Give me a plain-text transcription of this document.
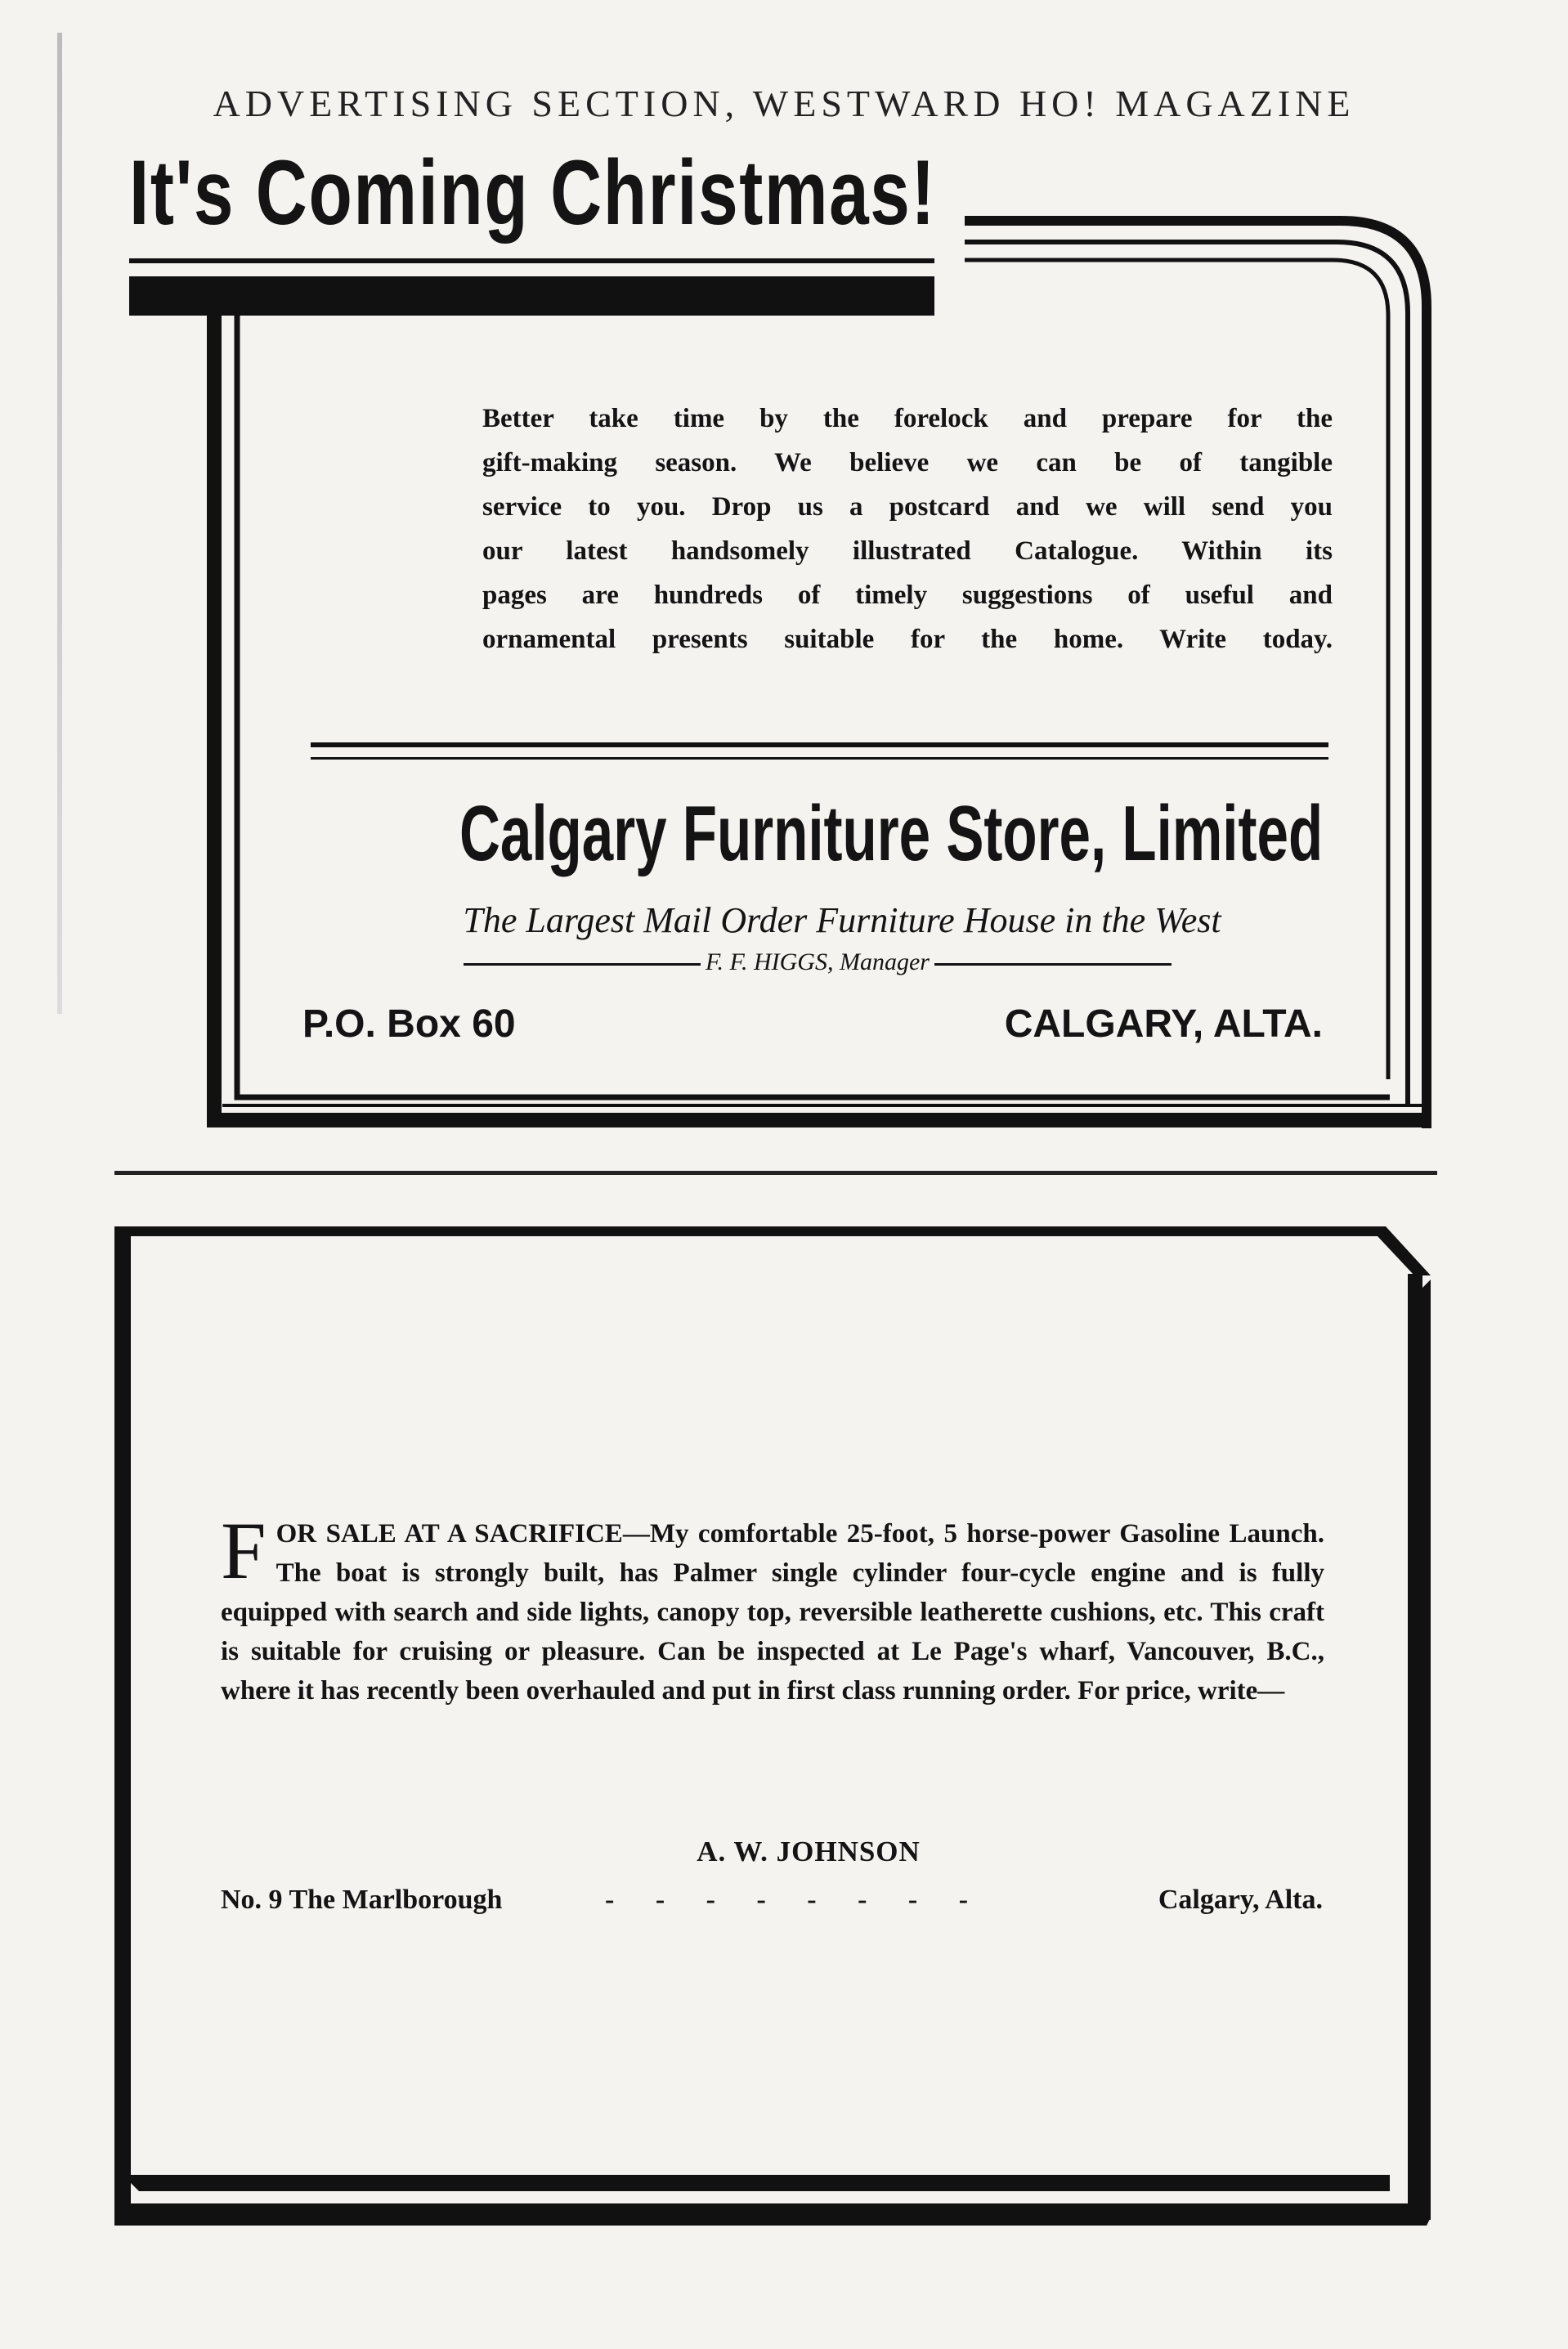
ADVERTISING SECTION, WESTWARD HO! MAGAZINE
It's Coming Christmas!
Better take time by the forelock and prepare for the
gift-making season. We believe we can be of tangible
service to you. Drop us a postcard and we will send you
our latest handsomely illustrated Catalogue. Within its
pages are hundreds of timely suggestions of useful and
ornamental presents suitable for the home. Write today.
Calgary Furniture Store, Limited
The Largest Mail Order Furniture House in the West
F. F. HIGGS, Manager
P.O. Box 60	CALGARY, ALTA.
FOR SALE AT A SACRIFICE—My comfortable 25-foot, 5 horse-power Gasoline Launch. The boat is strongly built, has Palmer single cylinder four-cycle engine and is fully equipped with search and side lights, canopy top, reversible leatherette cushions, etc. This craft is suitable for cruising or pleasure. Can be inspected at Le Page's wharf, Vancouver, B.C., where it has recently been overhauled and put in first class running order. For price, write—
A. W. JOHNSON
No. 9 The Marlborough	- - - - - - - -	Calgary, Alta.
